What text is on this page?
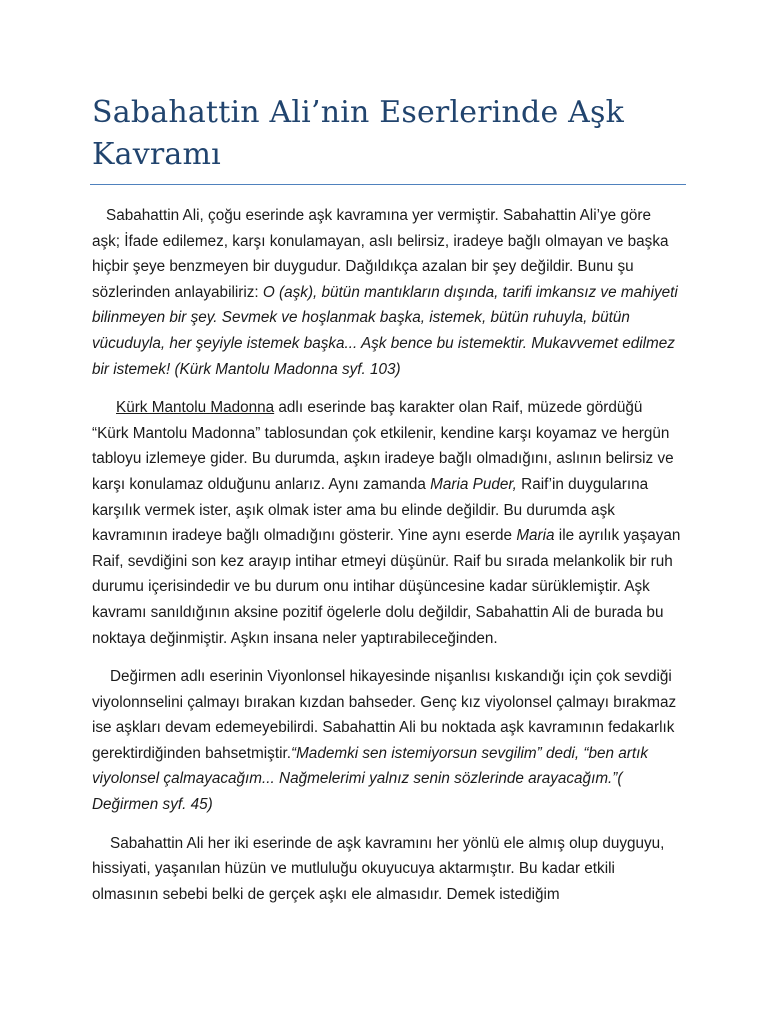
Sabahattin Ali’nin Eserlerinde Aşk Kavramı

Sabahattin Ali, çoğu eserinde aşk kavramına yer vermiştir. Sabahattin Ali’ye göre aşk; İfade edilemez, karşı konulamayan, aslı belirsiz, iradeye bağlı olmayan ve başka hiçbir şeye benzmeyen bir duygudur. Dağıldıkça azalan bir şey değildir. Bunu şu sözlerinden anlayabiliriz: O (aşk), bütün mantıkların dışında, tarifi imkansız ve mahiyeti bilinmeyen bir şey. Sevmek ve hoşlanmak başka, istemek, bütün ruhuyla, bütün vücuduyla, her şeyiyle istemek başka... Aşk bence bu istemektir. Mukavvemet edilmez bir istemek! (Kürk Mantolu Madonna syf. 103)

Kürk Mantolu Madonna adlı eserinde baş karakter olan Raif, müzede gördüğü “Kürk Mantolu Madonna” tablosundan çok etkilenir, kendine karşı koyamaz ve hergün tabloyu izlemeye gider. Bu durumda, aşkın iradeye bağlı olmadığını, aslının belirsiz ve karşı konulamaz olduğunu anlarız. Aynı zamanda Maria Puder, Raif’in duygularına karşılık vermek ister, aşık olmak ister ama bu elinde değildir. Bu durumda aşk kavramının iradeye bağlı olmadığını gösterir. Yine aynı eserde Maria ile ayrılık yaşayan Raif, sevdiğini son kez arayıp intihar etmeyi düşünür. Raif bu sırada melankolik bir ruh durumu içerisindedir ve bu durum onu intihar düşüncesine kadar sürüklemiştir. Aşk kavramı sanıldığının aksine pozitif ögelerle dolu değildir, Sabahattin Ali de burada bu noktaya değinmiştir. Aşkın insana neler yaptırabileceğinden.

Değirmen adlı eserinin Viyonlonsel hikayesinde nişanlısı kıskandığı için çok sevdiği viyolonnselini çalmayı bırakan kızdan bahseder. Genç kız viyolonsel çalmayı bırakmaz ise aşkları devam edemeyebilirdi. Sabahattin Ali bu noktada aşk kavramının fedakarlık gerektirdiğinden bahsetmiştir.“Mademki sen istemiyorsun sevgilim” dedi, “ben artık viyolonsel çalmayacağım... Nağmelerimi yalnız senin sözlerinde arayacağım.”( Değirmen syf. 45)

Sabahattin Ali her iki eserinde de aşk kavramını her yönlü ele almış olup duyguyu, hissiyati, yaşanılan hüzün ve mutluluğu okuyucuya aktarmıştır. Bu kadar etkili olmasının sebebi belki de gerçek aşkı ele almasıdır. Demek istediğim
